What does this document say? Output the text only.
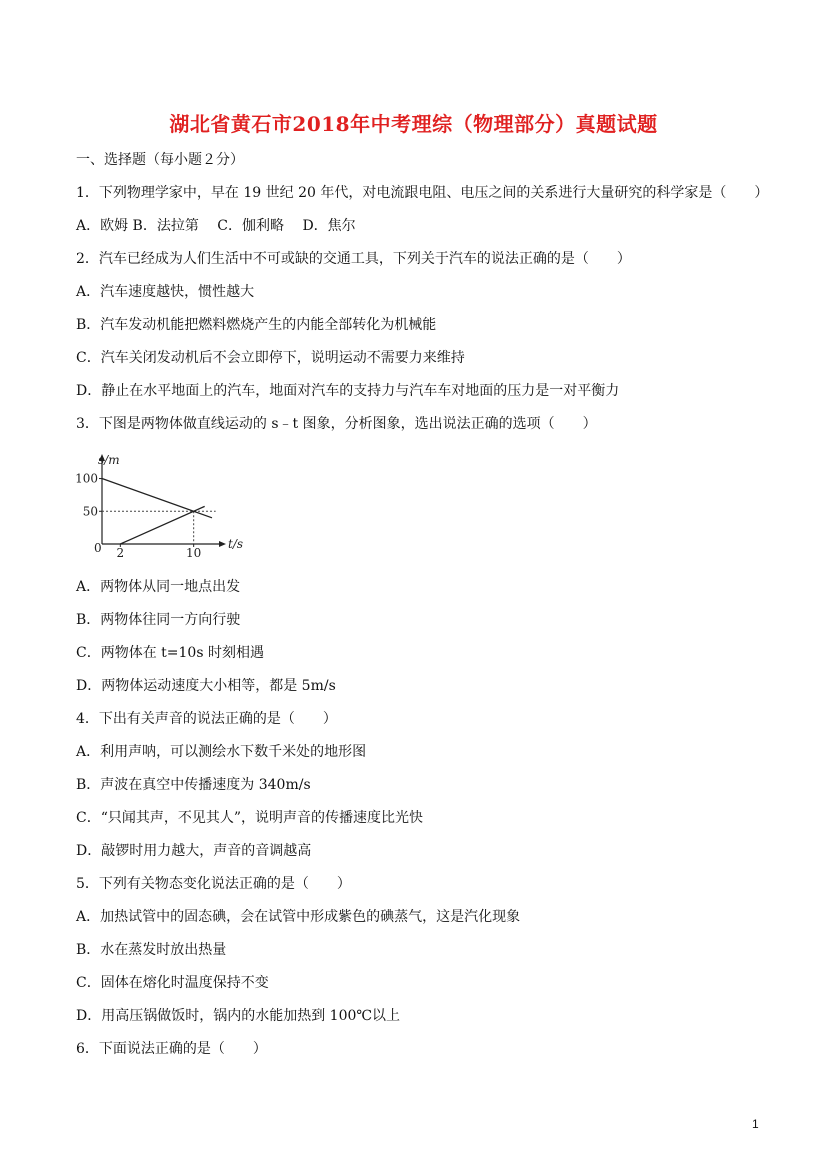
湖北省黄石市2018年中考理综（物理部分）真题试题
一、选择题（每小题２分）
1．下列物理学家中，早在 19 世纪 20 年代，对电流跟电阻、电压之间的关系进行大量研究的科学家是（　　）
A．欧姆 B．法拉第　 C．伽利略　 D．焦尔
2．汽车已经成为人们生活中不可或缺的交通工具，下列关于汽车的说法正确的是（　　）
A．汽车速度越快，惯性越大
B．汽车发动机能把燃料燃烧产生的内能全部转化为机械能
C．汽车关闭发动机后不会立即停下，说明运动不需要力来维持
D．静止在水平地面上的汽车，地面对汽车的支持力与汽车车对地面的压力是一对平衡力
3．下图是两物体做直线运动的 s﹣t 图象，分析图象，选出说法正确的选项（　　）
s/m
t/s
0
100
50
2	10
A．两物体从同一地点出发
B．两物体往同一方向行驶
C．两物体在 t=10s 时刻相遇
D．两物体运动速度大小相等，都是 5m/s
4．下出有关声音的说法正确的是（　　）
A．利用声呐，可以测绘水下数千米处的地形图
B．声波在真空中传播速度为 340m/s
C．“只闻其声，不见其人”，说明声音的传播速度比光快
D．敲锣时用力越大，声音的音调越高
5．下列有关物态变化说法正确的是（　　）
A．加热试管中的固态碘，会在试管中形成紫色的碘蒸气，这是汽化现象
B．水在蒸发时放出热量
C．固体在熔化时温度保持不变
D．用高压锅做饭时，锅内的水能加热到 100℃以上
6．下面说法正确的是（　　）
1
